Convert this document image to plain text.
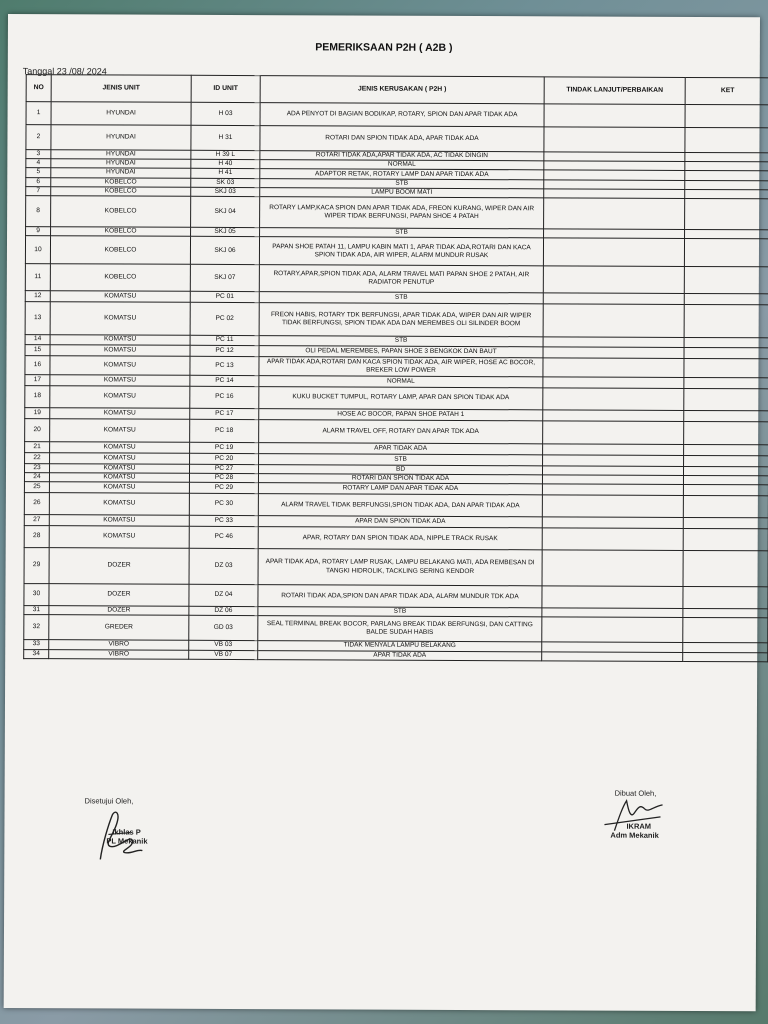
PEMERIKSAAN P2H ( A2B )
Tanggal 23 /08/ 2024
NO	JENIS UNIT	ID UNIT	JENIS KERUSAKAN ( P2H )	TINDAK LANJUT/PERBAIKAN	KET
1	HYUNDAI	H 03	ADA PENYOT DI BAGIAN BODI/KAP, ROTARY, SPION DAN APAR TIDAK ADA		
2	HYUNDAI	H 31	ROTARI DAN SPION TIDAK ADA, APAR TIDAK ADA		
3	HYUNDAI	H 39 L	ROTARI TIDAK ADA,APAR TIDAK ADA, AC TIDAK DINGIN		
4	HYUNDAI	H 40	NORMAL		
5	HYUNDAI	H 41	ADAPTOR RETAK, ROTARY LAMP DAN APAR TIDAK ADA		
6	KOBELCO	SK 03	STB		
7	KOBELCO	SKJ 03	LAMPU BOOM MATI		
8	KOBELCO	SKJ 04	ROTARY LAMP,KACA SPION DAN APAR TIDAK ADA, FREON KURANG, WIPER DAN AIR WIPER TIDAK BERFUNGSI, PAPAN SHOE 4 PATAH		
9	KOBELCO	SKJ 05	STB		
10	KOBELCO	SKJ 06	PAPAN SHOE PATAH 11, LAMPU KABIN MATI 1, APAR TIDAK ADA,ROTARI DAN KACA SPION TIDAK ADA, AIR WIPER, ALARM MUNDUR RUSAK		
11	KOBELCO	SKJ 07	ROTARY,APAR,SPION TIDAK ADA, ALARM TRAVEL MATI PAPAN SHOE 2 PATAH, AIR RADIATOR PENUTUP		
12	KOMATSU	PC 01	STB		
13	KOMATSU	PC 02	FREON HABIS, ROTARY TDK BERFUNGSI, APAR TIDAK ADA, WIPER DAN AIR WIPER TIDAK BERFUNGSI, SPION TIDAK ADA DAN MEREMBES OLI SILINDER BOOM		
14	KOMATSU	PC 11	STB		
15	KOMATSU	PC 12	OLI PEDAL MEREMBES, PAPAN SHOE 3 BENGKOK DAN BAUT		
16	KOMATSU	PC 13	APAR TIDAK ADA,ROTARI DAN KACA SPION TIDAK ADA, AIR WIPER, HOSE AC BOCOR, BREKER LOW POWER		
17	KOMATSU	PC 14	NORMAL		
18	KOMATSU	PC 16	KUKU BUCKET TUMPUL, ROTARY LAMP, APAR DAN SPION TIDAK ADA		
19	KOMATSU	PC 17	HOSE AC BOCOR, PAPAN SHOE PATAH 1		
20	KOMATSU	PC 18	ALARM TRAVEL OFF, ROTARY DAN APAR TDK ADA		
21	KOMATSU	PC 19	APAR TIDAK ADA		
22	KOMATSU	PC 20	STB		
23	KOMATSU	PC 27	BD		
24	KOMATSU	PC 28	ROTARI DAN SPION TIDAK ADA		
25	KOMATSU	PC 29	ROTARY LAMP DAN APAR TIDAK ADA		
26	KOMATSU	PC 30	ALARM TRAVEL TIDAK BERFUNGSI,SPION TIDAK ADA, DAN APAR TIDAK ADA		
27	KOMATSU	PC 33	APAR DAN SPION TIDAK ADA		
28	KOMATSU	PC 46	APAR, ROTARY DAN SPION TIDAK ADA, NIPPLE TRACK RUSAK		
29	DOZER	DZ 03	APAR TIDAK ADA, ROTARY LAMP RUSAK, LAMPU BELAKANG MATI, ADA REMBESAN DI TANGKI HIDROLIK, TACKLING SERING KENDOR		
30	DOZER	DZ 04	ROTARI TIDAK ADA,SPION DAN APAR TIDAK ADA, ALARM MUNDUR TDK ADA		
31	DOZER	DZ 06	STB		
32	GREDER	GD 03	SEAL TERMINAL BREAK BOCOR, PARLANG BREAK TIDAK BERFUNGSI, DAN CATTING BALDE SUDAH HABIS		
33	VIBRO	VB 03	TIDAK MENYALA LAMPU BELAKANG		
34	VIBRO	VB 07	APAR TIDAK ADA		
Disetujui Oleh,
Ikhlas P
PL Mekanik
Dibuat Oleh,
IKRAM
Adm Mekanik
